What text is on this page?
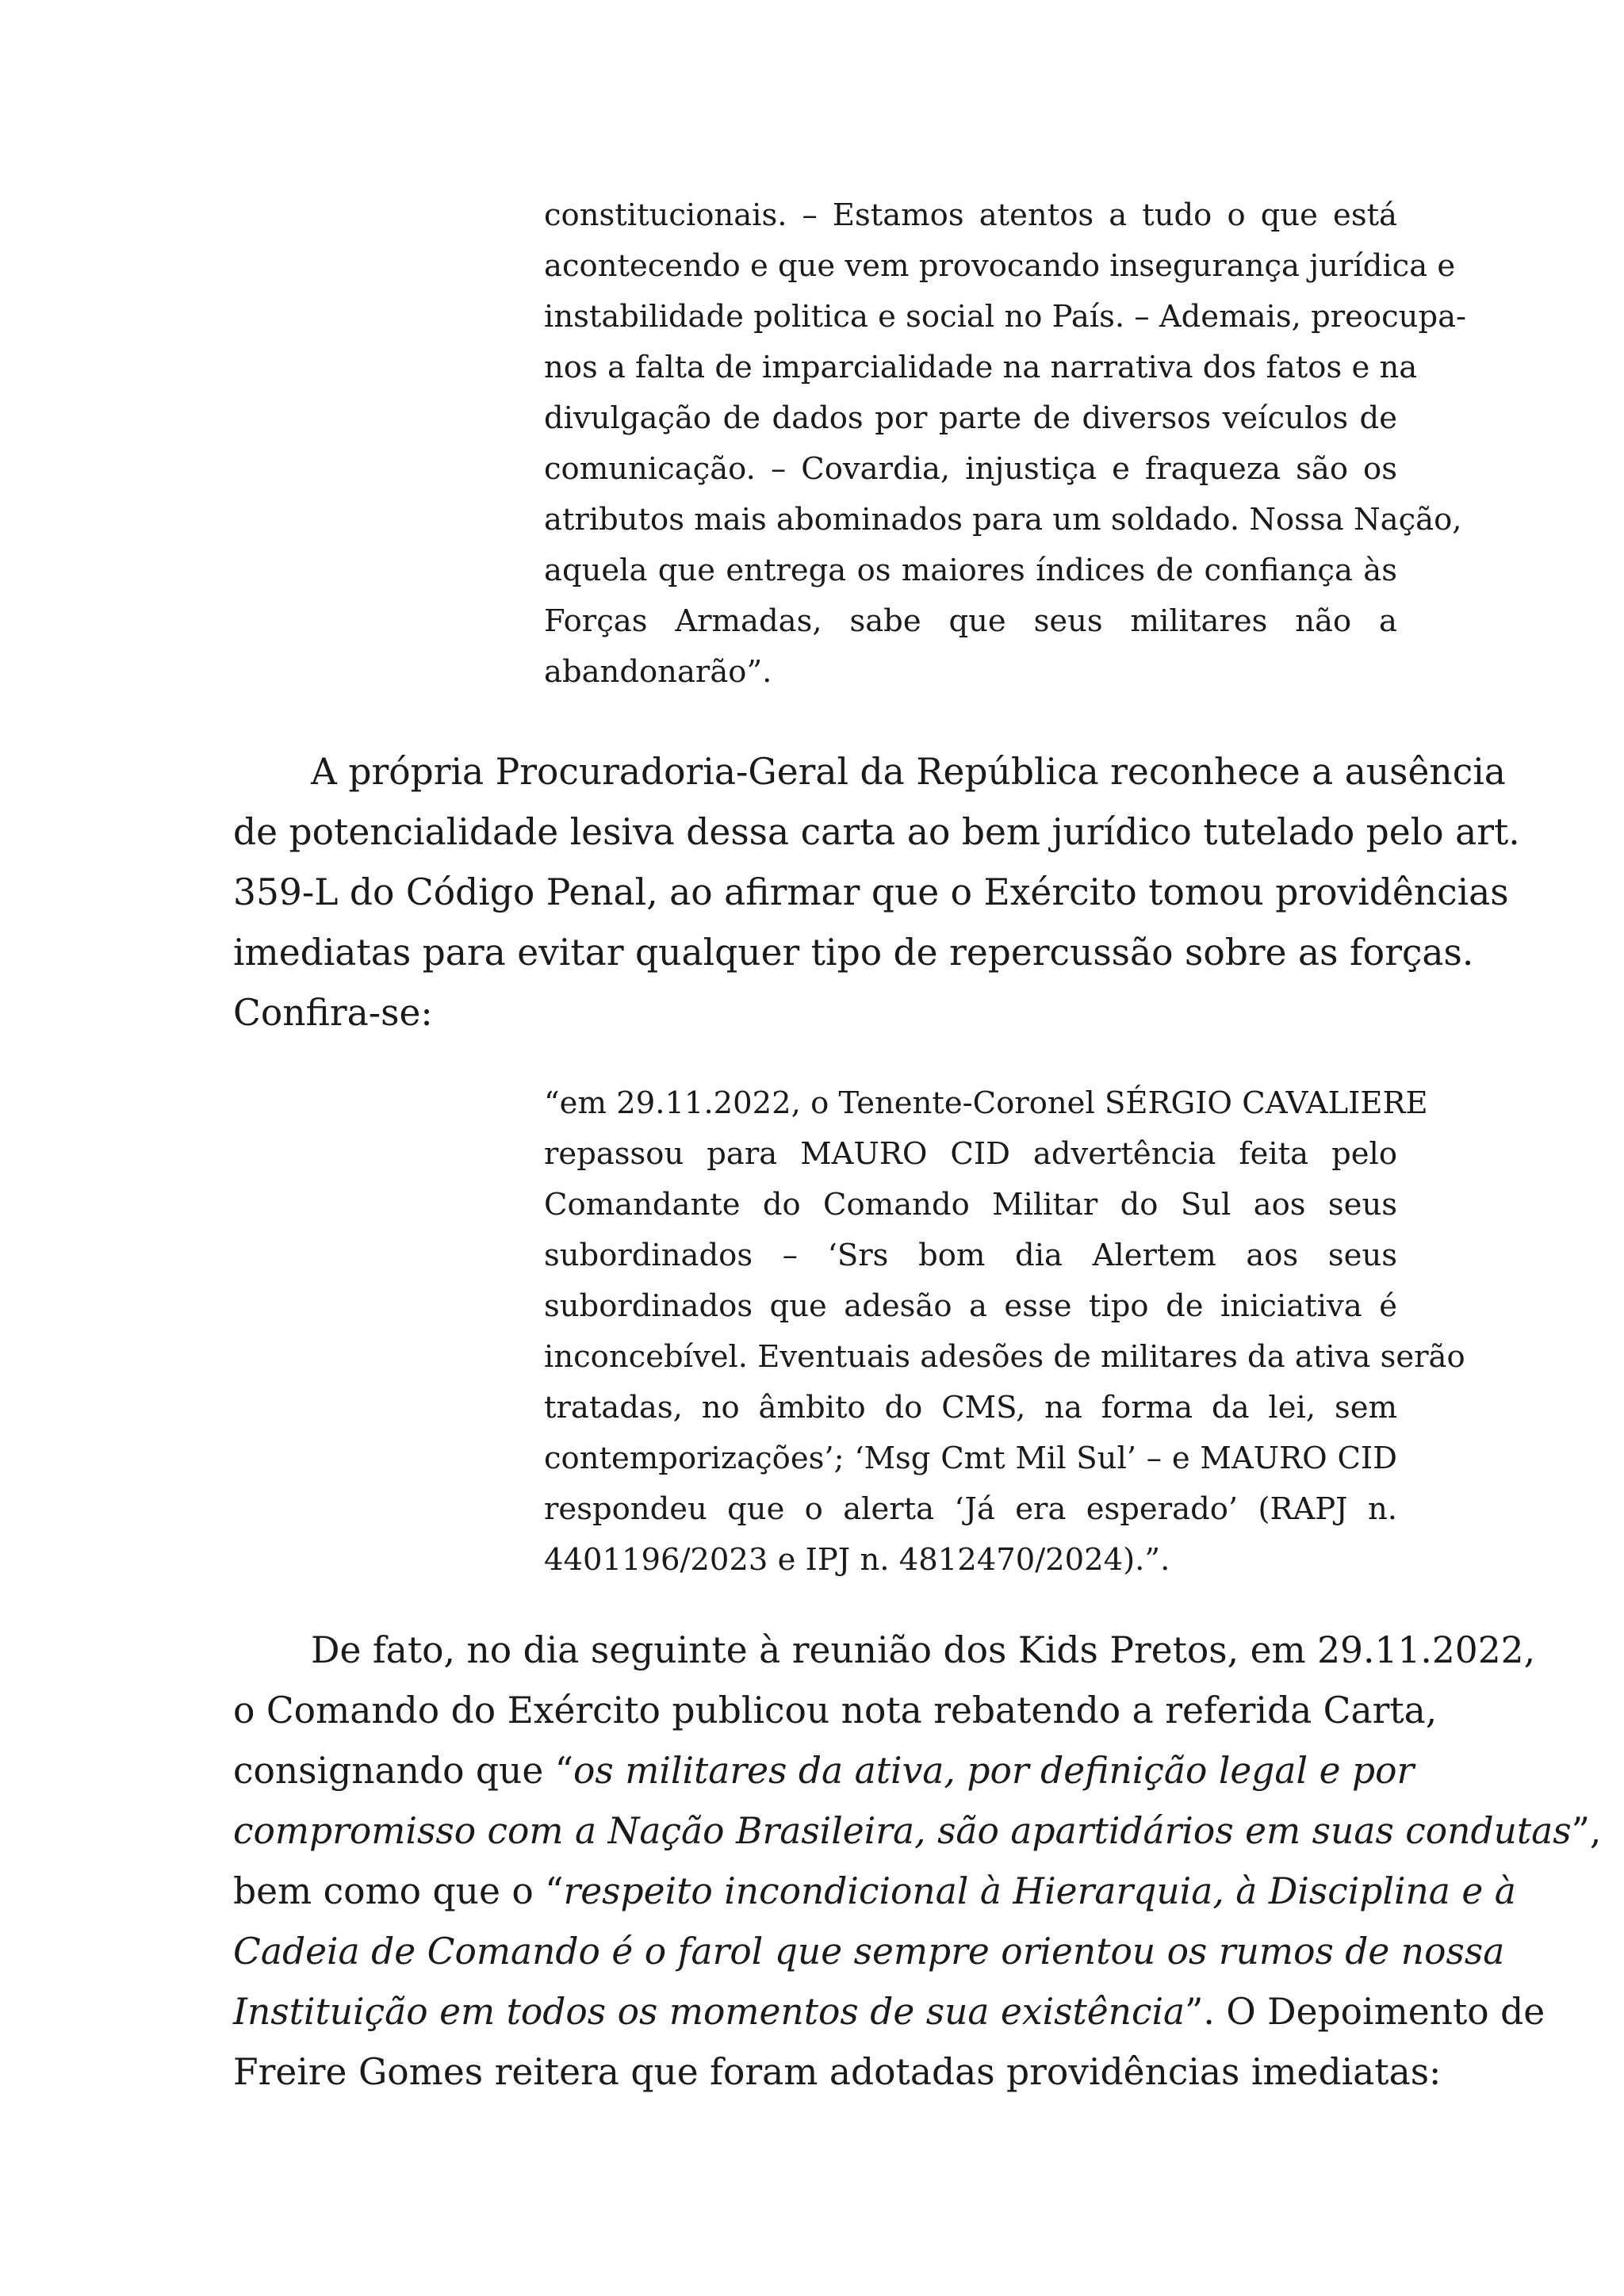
constitucionais. – Estamos atentos a tudo o que está
acontecendo e que vem provocando insegurança jurídica e
instabilidade politica e social no País. – Ademais, preocupa-
nos a falta de imparcialidade na narrativa dos fatos e na
divulgação de dados por parte de diversos veículos de
comunicação. – Covardia, injustiça e fraqueza são os
atributos mais abominados para um soldado. Nossa Nação,
aquela que entrega os maiores índices de confiança às
Forças Armadas, sabe que seus militares não a
abandonarão”.
A própria Procuradoria-Geral da República reconhece a ausência
de potencialidade lesiva dessa carta ao bem jurídico tutelado pelo art.
359-L do Código Penal, ao afirmar que o Exército tomou providências
imediatas para evitar qualquer tipo de repercussão sobre as forças.
Confira-se:
“em 29.11.2022, o Tenente-Coronel SÉRGIO CAVALIERE
repassou para MAURO CID advertência feita pelo
Comandante do Comando Militar do Sul aos seus
subordinados – ‘Srs bom dia Alertem aos seus
subordinados que adesão a esse tipo de iniciativa é
inconcebível. Eventuais adesões de militares da ativa serão
tratadas, no âmbito do CMS, na forma da lei, sem
contemporizações’; ‘Msg Cmt Mil Sul’ – e MAURO CID
respondeu que o alerta ‘Já era esperado’ (RAPJ n.
4401196/2023 e IPJ n. 4812470/2024).”.
De fato, no dia seguinte à reunião dos Kids Pretos, em 29.11.2022,
o Comando do Exército publicou nota rebatendo a referida Carta,
consignando que “os militares da ativa, por definição legal e por
compromisso com a Nação Brasileira, são apartidários em suas condutas”,
bem como que o “respeito incondicional à Hierarquia, à Disciplina e à
Cadeia de Comando é o farol que sempre orientou os rumos de nossa
Instituição em todos os momentos de sua existência”. O Depoimento de
Freire Gomes reitera que foram adotadas providências imediatas:
